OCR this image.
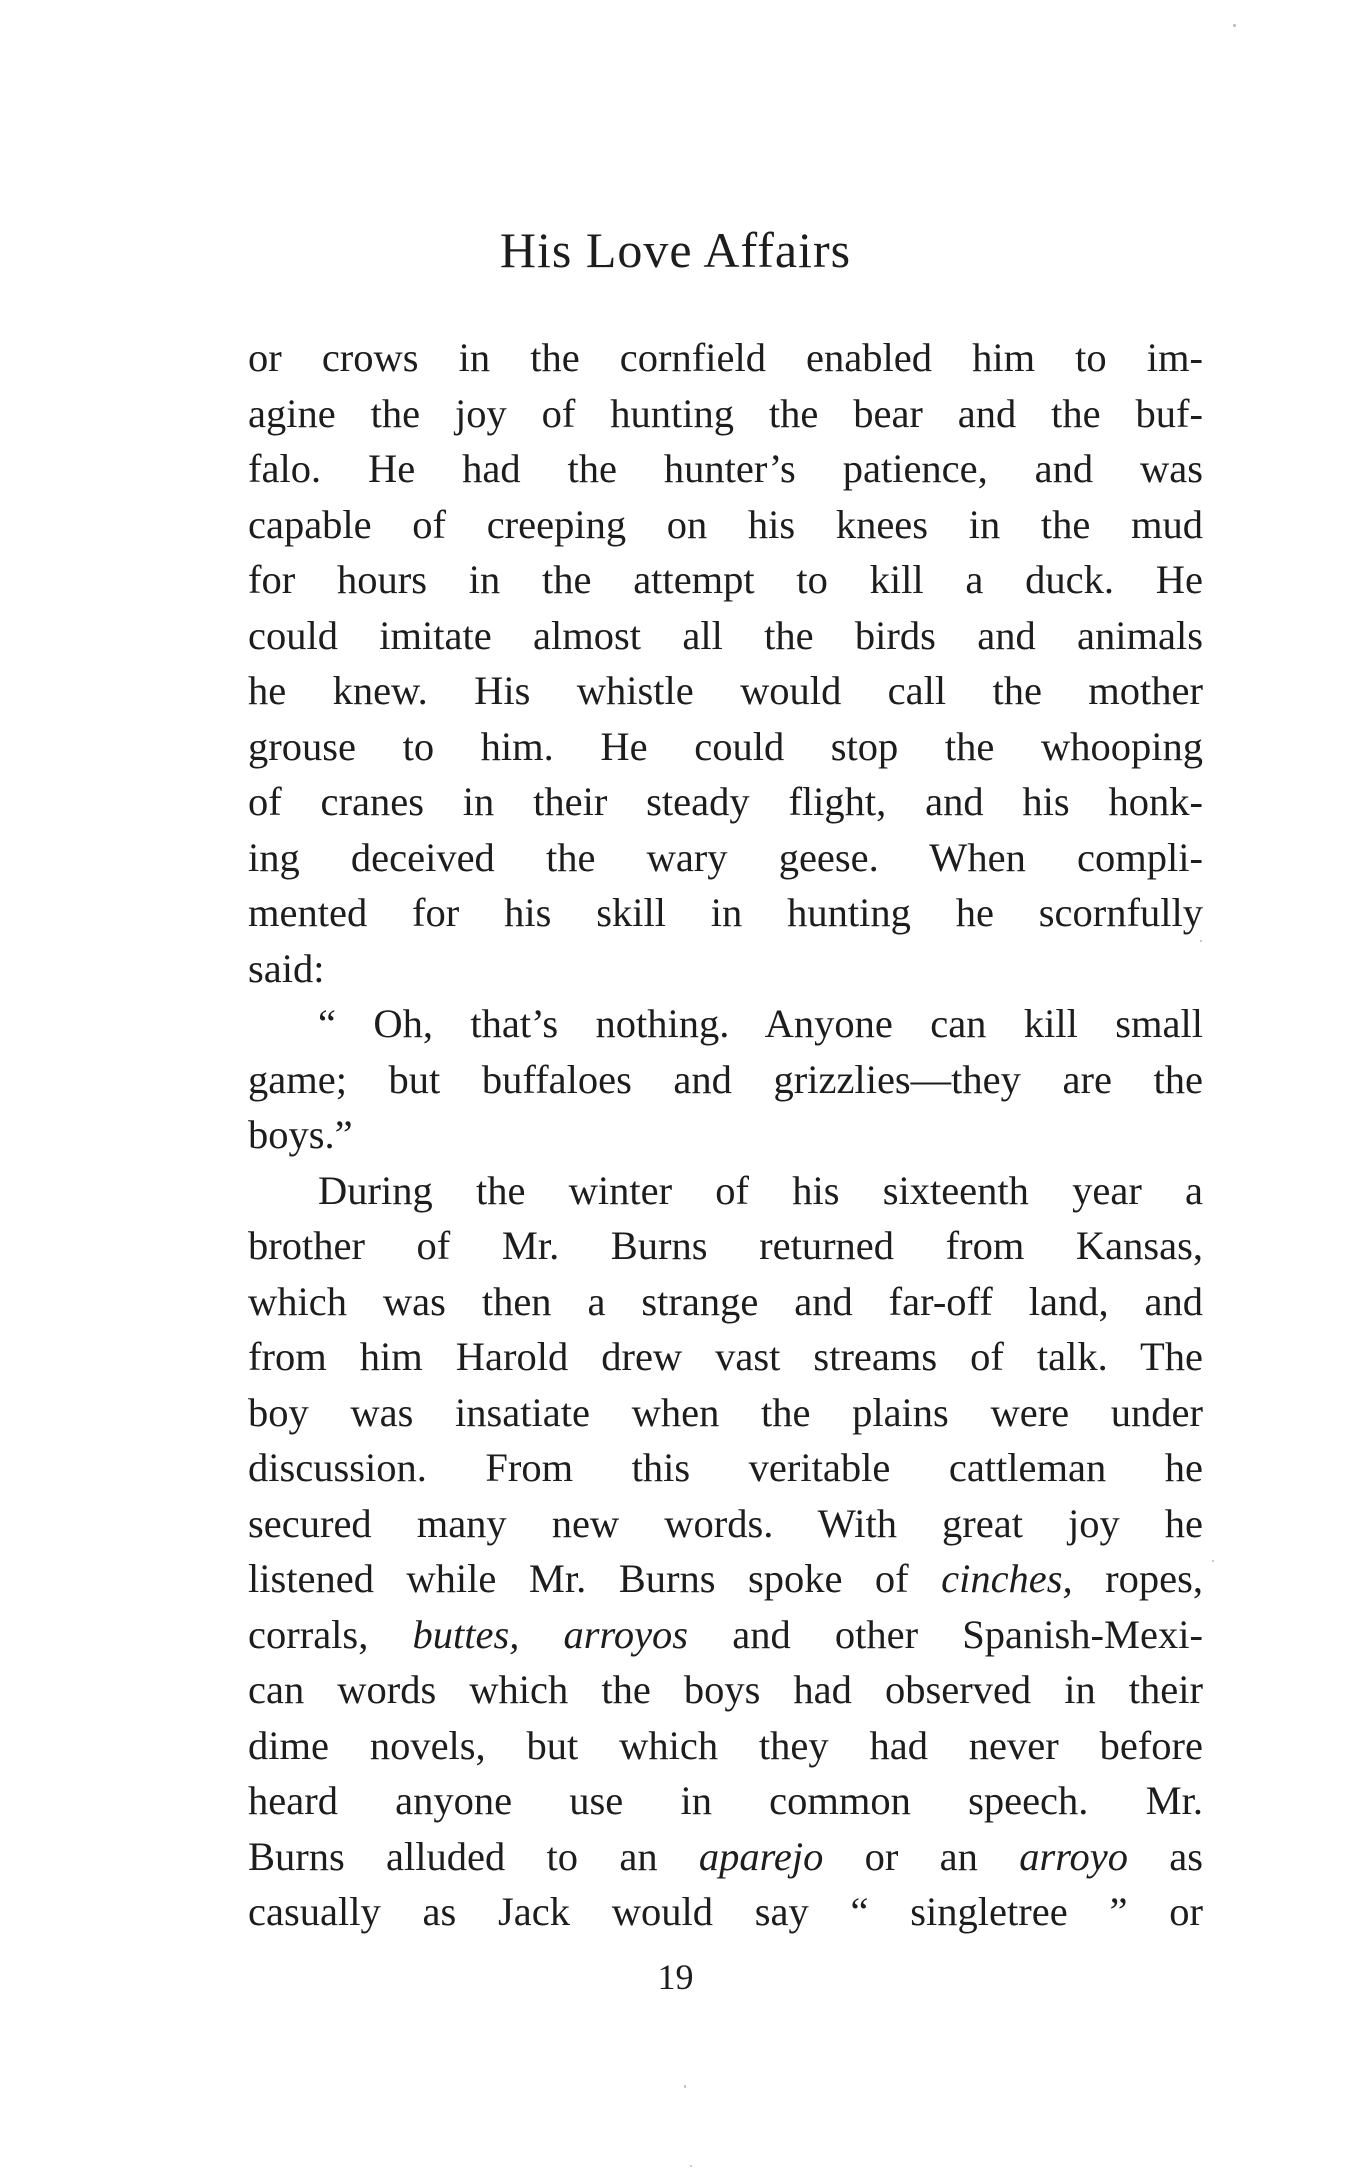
His Love Affairs
or crows in the cornfield enabled him to im-
agine the joy of hunting the bear and the buf-
falo. He had the hunter’s patience, and was
capable of creeping on his knees in the mud
for hours in the attempt to kill a duck. He
could imitate almost all the birds and animals
he knew. His whistle would call the mother
grouse to him. He could stop the whooping
of cranes in their steady flight, and his honk-
ing deceived the wary geese. When compli-
mented for his skill in hunting he scornfully
said:
“ Oh, that’s nothing. Anyone can kill small
game; but buffaloes and grizzlies—they are the
boys.”
During the winter of his sixteenth year a
brother of Mr. Burns returned from Kansas,
which was then a strange and far-off land, and
from him Harold drew vast streams of talk. The
boy was insatiate when the plains were under
discussion. From this veritable cattleman he
secured many new words. With great joy he
listened while Mr. Burns spoke of cinches, ropes,
corrals, buttes, arroyos and other Spanish-Mexi-
can words which the boys had observed in their
dime novels, but which they had never before
heard anyone use in common speech. Mr.
Burns alluded to an aparejo or an arroyo as
casually as Jack would say “ singletree ” or
19
